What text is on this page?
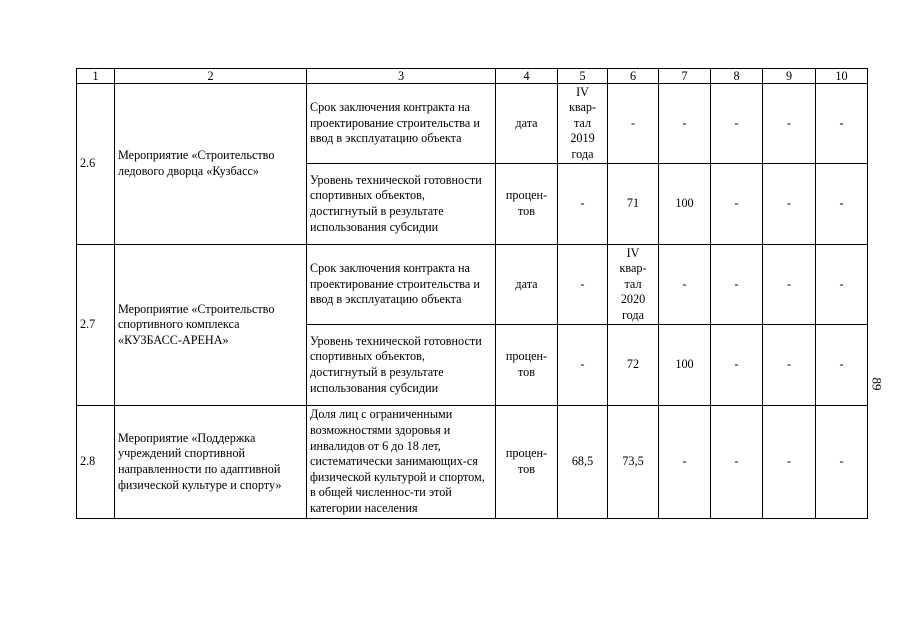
1	2	3	4	5	6	7	8	9	10
2.6	Мероприятие «Строительство ледового дворца «Кузбасс»	Срок заключения контракта на проектирование строительства и ввод в эксплуатацию объекта	дата	IV
квар-
тал
2019
года	-	-	-	-	-
		Уровень технической готовности спортивных объектов, достигнутый в результате использования субсидии	процен-
тов	-	71	100	-	-	-
2.7	Мероприятие «Строительство спортивного комплекса «КУЗБАСС-АРЕНА»	Срок заключения контракта на проектирование строительства и ввод в эксплуатацию объекта	дата	-	IV
квар-
тал
2020
года	-	-	-	-
		Уровень технической готовности спортивных объектов, достигнутый в результате использования субсидии	процен-
тов	-	72	100	-	-	-
2.8	Мероприятие «Поддержка учреждений спортивной направленности по адаптивной физической культуре и спорту»	Доля лиц с ограниченными возможностями здоровья и инвалидов от 6 до 18 лет, систематически занимающих-ся физической культурой и спортом, в общей численнос-ти этой категории населения	процен-
тов	68,5	73,5	-	-	-	-
89
